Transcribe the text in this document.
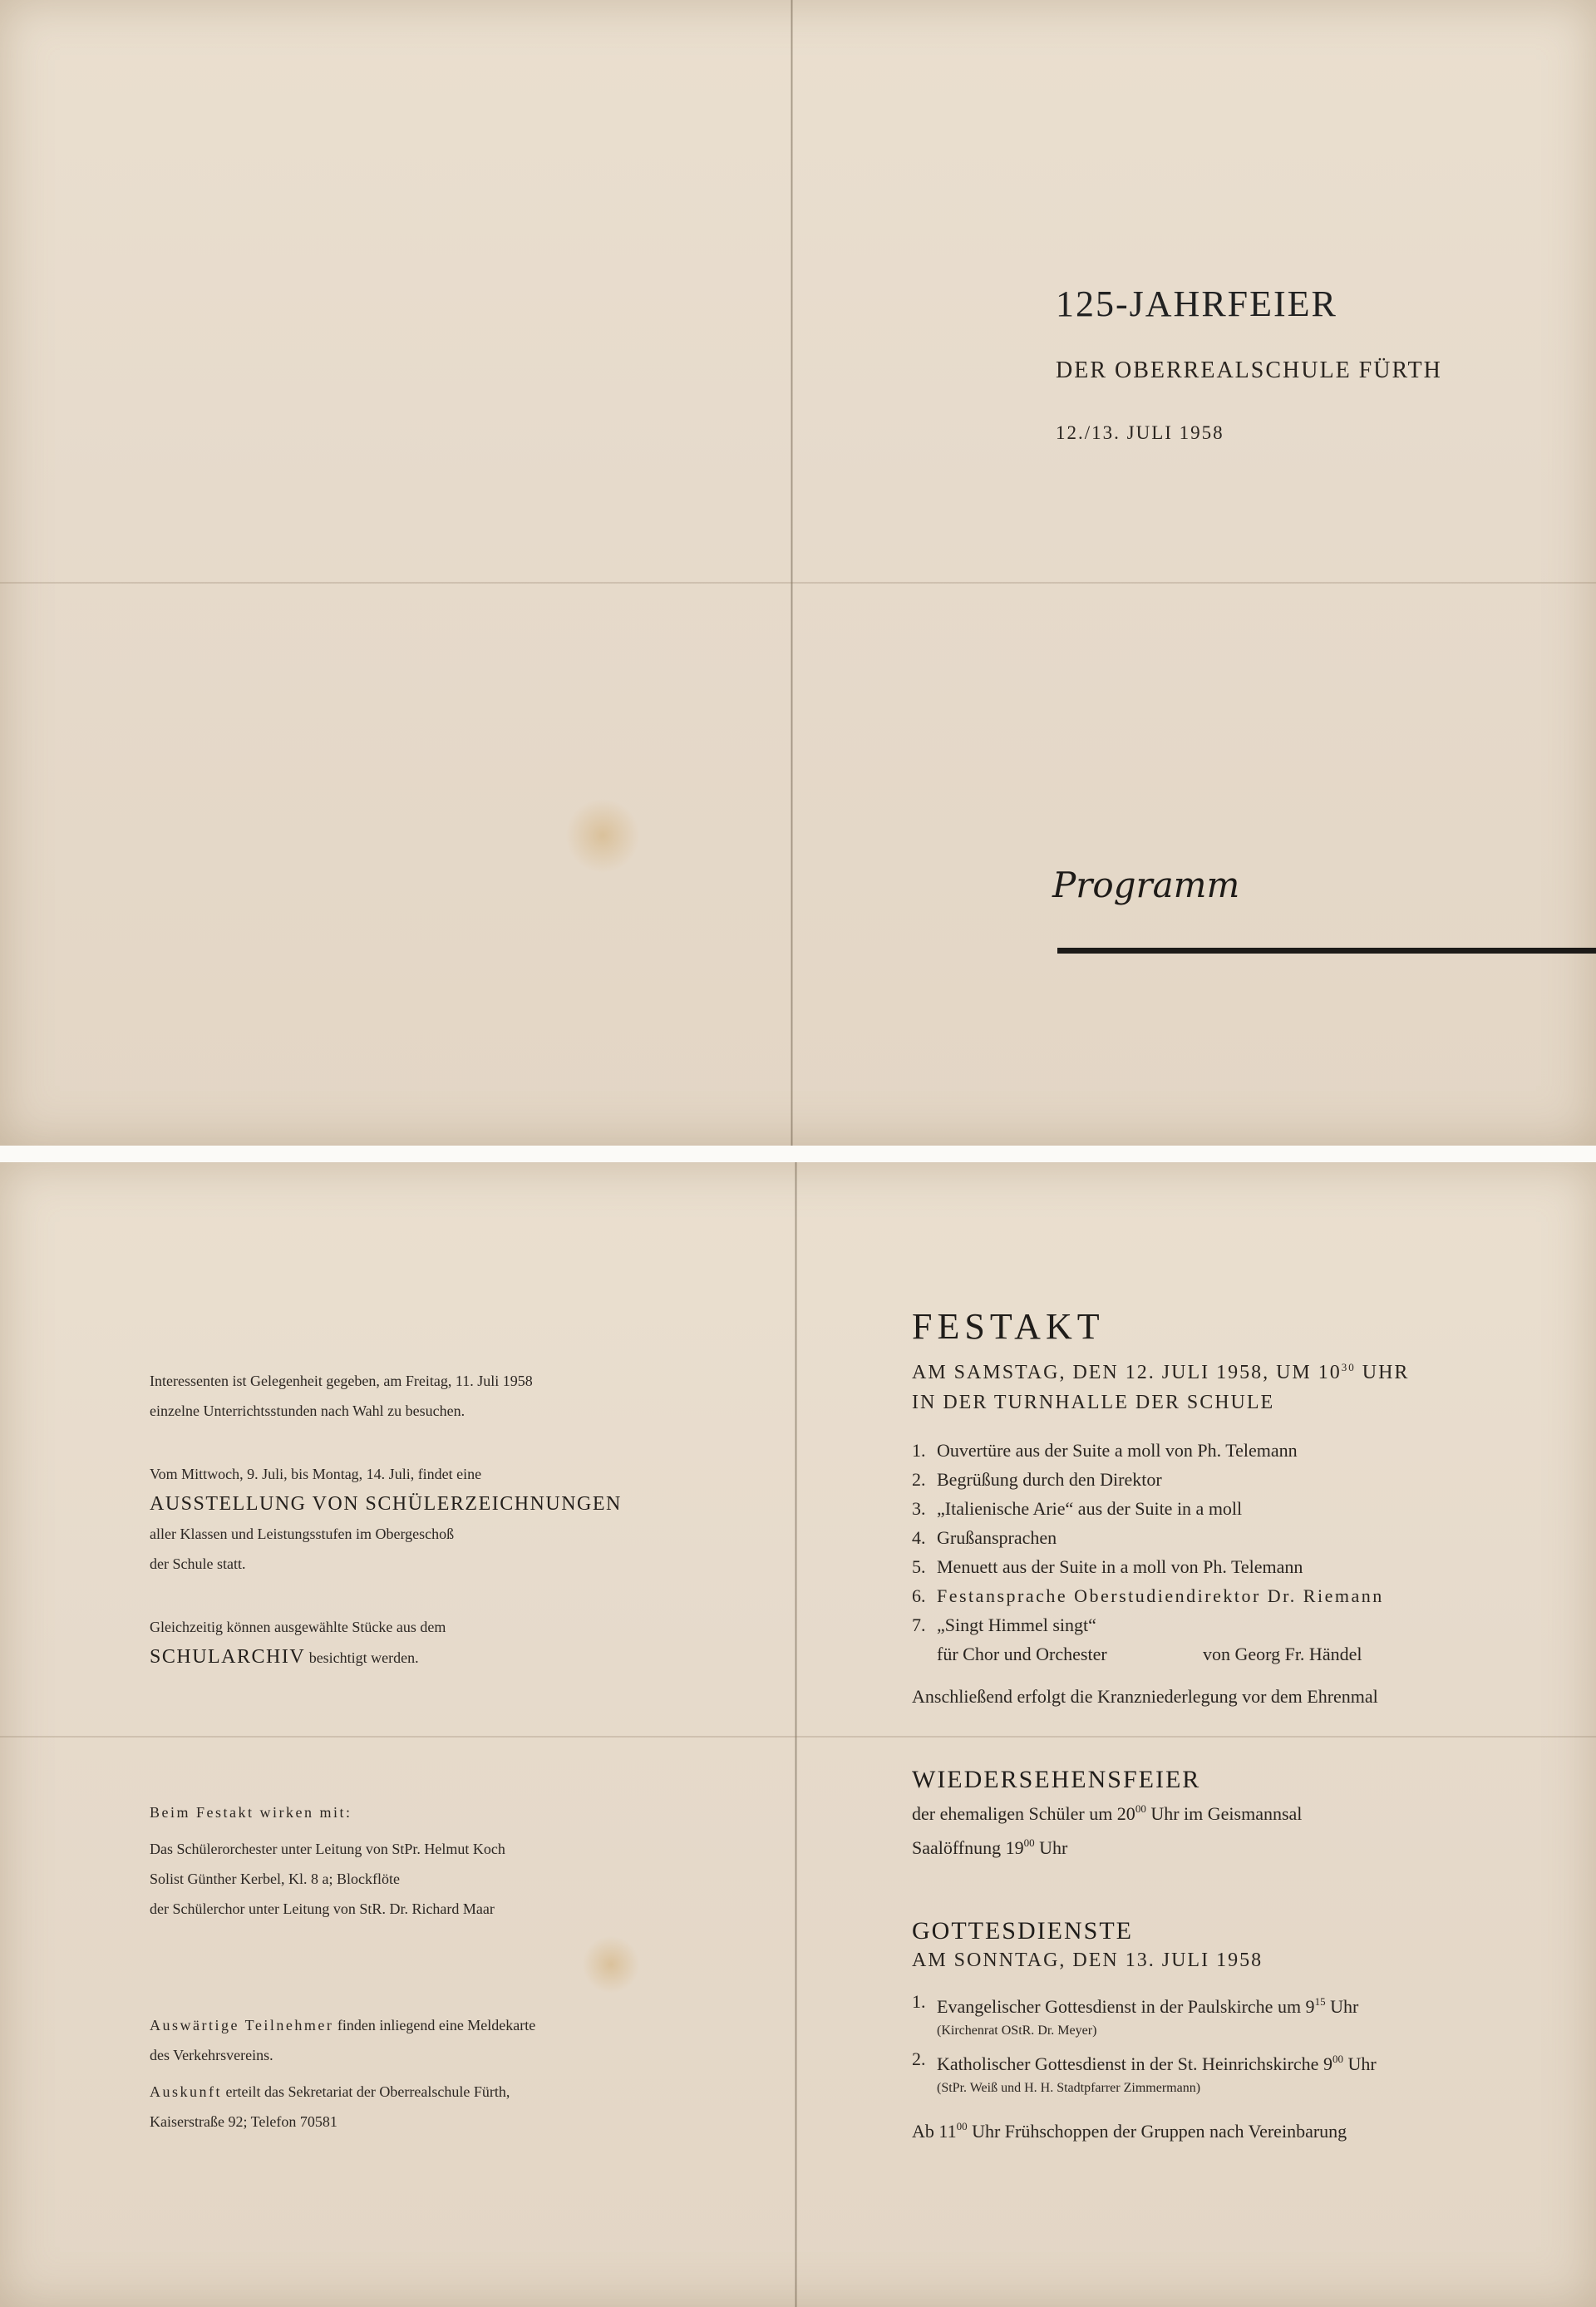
125-JAHRFEIER
DER OBERREALSCHULE FÜRTH
12./13. JULI 1958
Programm
Interessenten ist Gelegenheit gegeben, am Freitag, 11. Juli 1958
einzelne Unterrichtsstunden nach Wahl zu besuchen.
Vom Mittwoch, 9. Juli, bis Montag, 14. Juli, findet eine
AUSSTELLUNG VON SCHÜLERZEICHNUNGEN
aller Klassen und Leistungsstufen im Obergeschoß
der Schule statt.
Gleichzeitig können ausgewählte Stücke aus dem
SCHULARCHIV besichtigt werden.
Beim Festakt wirken mit:
Das Schülerorchester unter Leitung von StPr. Helmut Koch
Solist Günther Kerbel, Kl. 8 a; Blockflöte
der Schülerchor unter Leitung von StR. Dr. Richard Maar
Auswärtige Teilnehmer finden inliegend eine Meldekarte
des Verkehrsvereins.
Auskunft erteilt das Sekretariat der Oberrealschule Fürth,
Kaiserstraße 92; Telefon 70581
FESTAKT
AM SAMSTAG, DEN 12. JULI 1958, UM $10^{30}$ UHR
IN DER TURNHALLE DER SCHULE
1. Ouvertüre aus der Suite a moll von Ph. Telemann
2. Begrüßung durch den Direktor
3. „Italienische Arie“ aus der Suite in a moll
4. Grußansprachen
5. Menuett aus der Suite in a moll von Ph. Telemann
6. Festansprache Oberstudiendirektor Dr. Riemann
7. „Singt Himmel singt“
für Chor und Orchester	von Georg Fr. Händel
Anschließend erfolgt die Kranzniederlegung vor dem Ehrenmal
WIEDERSEHENSFEIER
der ehemaligen Schüler um $20^{00}$ Uhr im Geismannsal
Saalöffnung $19^{00}$ Uhr
GOTTESDIENSTE
AM SONNTAG, DEN 13. JULI 1958
1. Evangelischer Gottesdienst in der Paulskirche um $9^{15}$ Uhr
(Kirchenrat OStR. Dr. Meyer)
2. Katholischer Gottesdienst in der St. Heinrichskirche $9^{00}$ Uhr
(StPr. Weiß und H. H. Stadtpfarrer Zimmermann)
Ab $11^{00}$ Uhr Frühschoppen der Gruppen nach Vereinbarung
